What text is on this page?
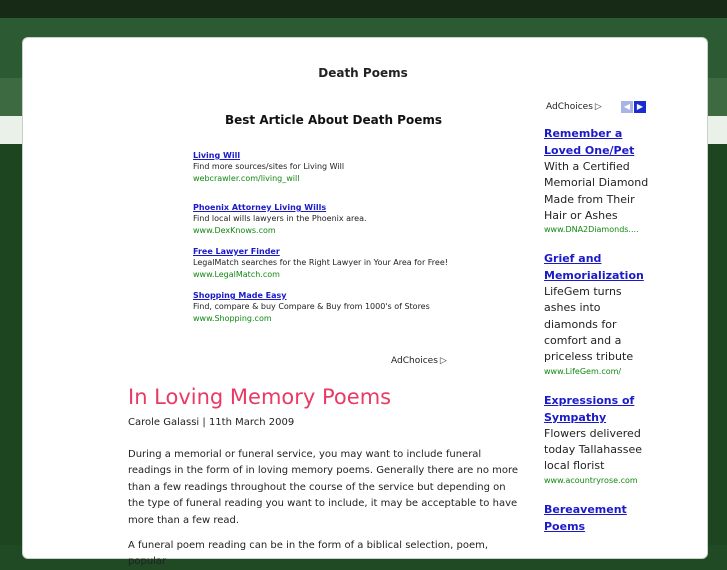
Death Poems
Best Article About Death Poems
Living Will
Find more sources/sites for Living Will
webcrawler.com/living_will
Phoenix Attorney Living Wills
Find local wills lawyers in the Phoenix area.
www.DexKnows.com
Free Lawyer Finder
LegalMatch searches for the Right Lawyer in Your Area for Free!
www.LegalMatch.com
Shopping Made Easy
Find, compare & buy Compare & Buy from 1000's of Stores
www.Shopping.com
AdChoices ▷
In Loving Memory Poems
Carole Galassi | 11th March 2009
During a memorial or funeral service, you may want to include funeral readings in the form of in loving memory poems. Generally there are no more than a few readings throughout the course of the service but depending on the type of funeral reading you want to include, it may be acceptable to have more than a few read.
A funeral poem reading can be in the form of a biblical selection, poem, popular
AdChoices ▷	◀ ▶
Remember a Loved One/Pet
With a Certified Memorial Diamond Made from Their Hair or Ashes
www.DNA2Diamonds....
Grief and Memorialization
LifeGem turns ashes into diamonds for comfort and a priceless tribute
www.LifeGem.com/
Expressions of Sympathy
Flowers delivered today Tallahassee local florist
www.acountryrose.com
Bereavement Poems
